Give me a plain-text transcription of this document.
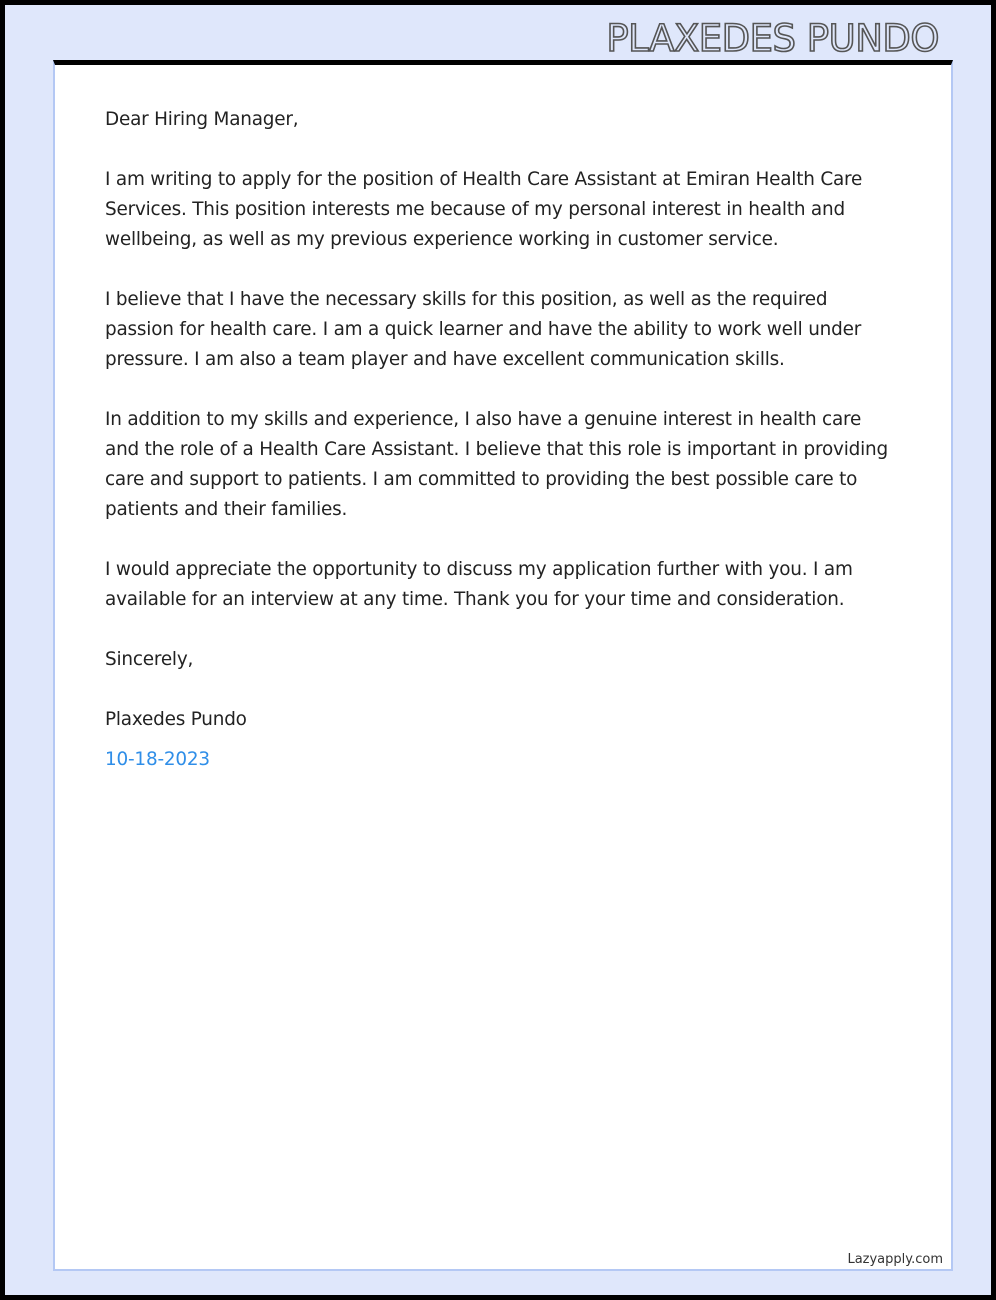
PLAXEDES PUNDO

Dear Hiring Manager,

I am writing to apply for the position of Health Care Assistant at Emiran Health Care Services. This position interests me because of my personal interest in health and wellbeing, as well as my previous experience working in customer service.

I believe that I have the necessary skills for this position, as well as the required passion for health care. I am a quick learner and have the ability to work well under pressure. I am also a team player and have excellent communication skills.

In addition to my skills and experience, I also have a genuine interest in health care and the role of a Health Care Assistant. I believe that this role is important in providing care and support to patients. I am committed to providing the best possible care to patients and their families.

I would appreciate the opportunity to discuss my application further with you. I am available for an interview at any time. Thank you for your time and consideration.

Sincerely,

Plaxedes Pundo

10-18-2023

Lazyapply.com
